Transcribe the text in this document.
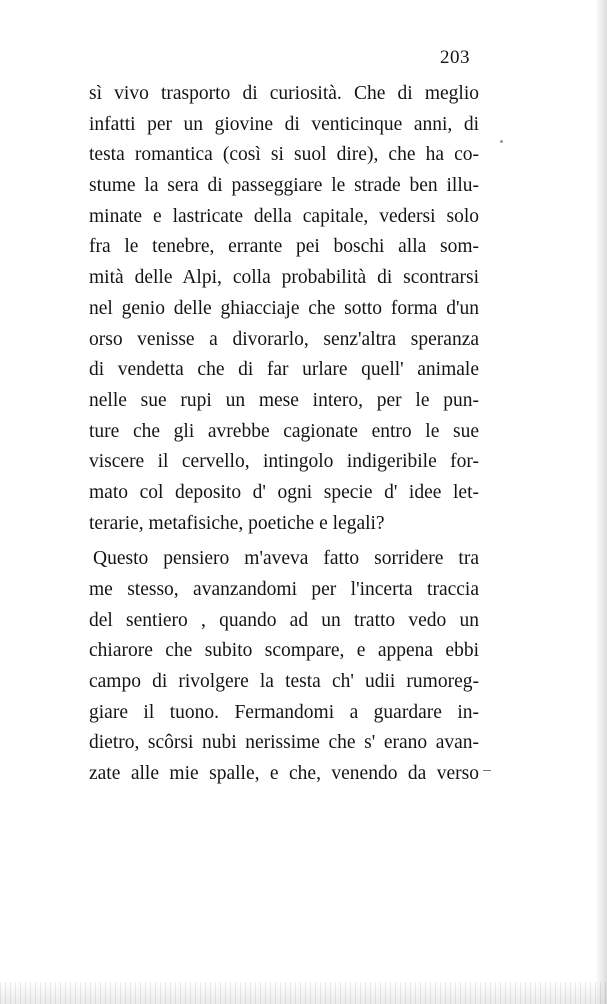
203
sì vivo trasporto di curiosità. Che di meglio
infatti per un giovine di venticinque anni, di
testa romantica (così si suol dire), che ha co-
stume la sera di passeggiare le strade ben illu-
minate e lastricate della capitale, vedersi solo
fra le tenebre, errante pei boschi alla som-
mità delle Alpi, colla probabilità di scontrarsi
nel genio delle ghiacciaje che sotto forma d'un
orso venisse a divorarlo, senz'altra speranza
di vendetta che di far urlare quell' animale
nelle sue rupi un mese intero, per le pun-
ture che gli avrebbe cagionate entro le sue
viscere il cervello, intingolo indigeribile for-
mato col deposito d' ogni specie d' idee let-
terarie, metafisiche, poetiche e legali?
Questo pensiero m'aveva fatto sorridere tra
me stesso, avanzandomi per l'incerta traccia
del sentiero , quando ad un tratto vedo un
chiarore che subito scompare, e appena ebbi
campo di rivolgere la testa ch' udii rumoreg-
giare il tuono. Fermandomi a guardare in-
dietro, scôrsi nubi nerissime che s' erano avan-
zate alle mie spalle, e che, venendo da verso
